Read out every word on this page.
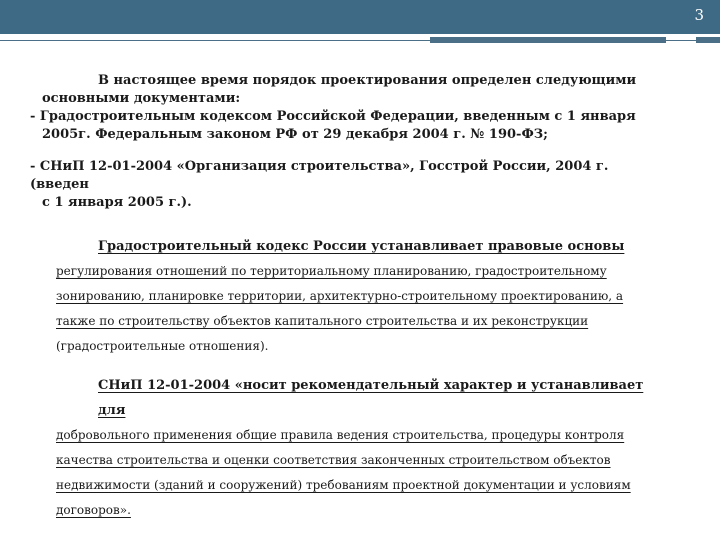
3

В настоящее время порядок проектирования определен следующими

основными документами:

- Градостроительным кодексом Российской Федерации, введенным с 1 января
2005г. Федеральным законом РФ от 29 декабря 2004 г. № 190-ФЗ;
- СНиП 12-01-2004 «Организация строительства», Госстрой России, 2004 г. (введен
с 1 января 2005 г.).
Градостроительный кодекс России устанавливает правовые основы
регулирования отношений по территориальному планированию, градостроительному
зонированию, планировке территории, архитектурно-строительному проектированию, а
также по строительству объектов капитального строительства и их реконструкции
(градостроительные отношения).
СНиП 12-01-2004 «носит рекомендательный характер и устанавливает для
добровольного применения общие правила ведения строительства, процедуры контроля
качества строительства и оценки соответствия законченных строительством объектов
недвижимости (зданий и сооружений) требованиям проектной документации и условиям
договоров».
